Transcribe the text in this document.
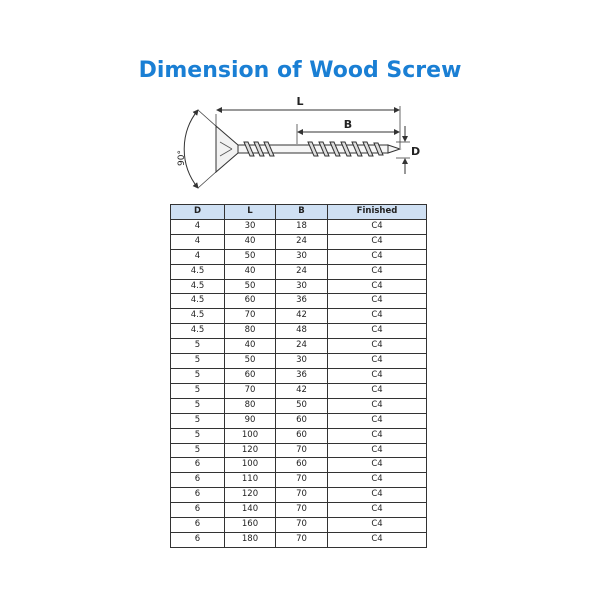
Dimension of Wood Screw
90°
L
B
D
D	L	B	Finished
4	30	18	C4
4	40	24	C4
4	50	30	C4
4.5	40	24	C4
4.5	50	30	C4
4.5	60	36	C4
4.5	70	42	C4
4.5	80	48	C4
5	40	24	C4
5	50	30	C4
5	60	36	C4
5	70	42	C4
5	80	50	C4
5	90	60	C4
5	100	60	C4
5	120	70	C4
6	100	60	C4
6	110	70	C4
6	120	70	C4
6	140	70	C4
6	160	70	C4
6	180	70	C4
